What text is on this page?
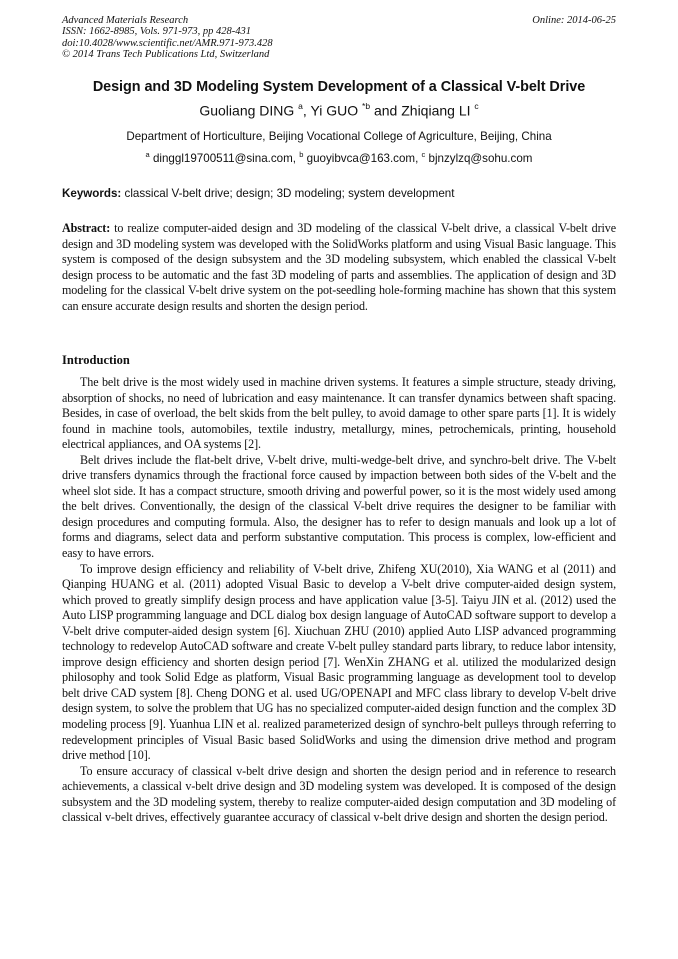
Advanced Materials Research
ISSN: 1662-8985, Vols. 971-973, pp 428-431
doi:10.4028/www.scientific.net/AMR.971-973.428
© 2014 Trans Tech Publications Ltd, Switzerland
Online: 2014-06-25
Design and 3D Modeling System Development of a Classical V-belt Drive
Guoliang DING $^a$, Yi GUO $^{*b}$ and Zhiqiang LI $^c$
Department of Horticulture, Beijing Vocational College of Agriculture, Beijing, China
$^a$ dinggl19700511@sina.com, $^b$ guoyibvca@163.com, $^c$ bjnzylzq@sohu.com
Keywords: classical V-belt drive; design; 3D modeling; system development
Abstract: to realize computer-aided design and 3D modeling of the classical V-belt drive, a classical V-belt drive design and 3D modeling system was developed with the SolidWorks platform and using Visual Basic language. This system is composed of the design subsystem and the 3D modeling subsystem, which enabled the classical V-belt design process to be automatic and the fast 3D modeling of parts and assemblies. The application of design and 3D modeling for the classical V-belt drive system on the pot-seedling hole-forming machine has shown that this system can ensure accurate design results and shorten the design period.
Introduction

The belt drive is the most widely used in machine driven systems. It features a simple structure, steady driving, absorption of shocks, no need of lubrication and easy maintenance. It can transfer dynamics between shaft spacing. Besides, in case of overload, the belt skids from the belt pulley, to avoid damage to other spare parts [1]. It is widely found in machine tools, automobiles, textile industry, metallurgy, mines, petrochemicals, printing, household electrical appliances, and OA systems [2].

Belt drives include the flat-belt drive, V-belt drive, multi-wedge-belt drive, and synchro-belt drive. The V-belt drive transfers dynamics through the fractional force caused by impaction between both sides of the V-belt and the wheel slot side. It has a compact structure, smooth driving and powerful power, so it is the most widely used among the belt drives. Conventionally, the design of the classical V-belt drive requires the designer to be familiar with design procedures and computing formula. Also, the designer has to refer to design manuals and look up a lot of forms and diagrams, select data and perform substantive computation. This process is complex, low-efficient and easy to have errors.

To improve design efficiency and reliability of V-belt drive, Zhifeng XU(2010), Xia WANG et al (2011) and Qianping HUANG et al. (2011) adopted Visual Basic to develop a V-belt drive computer-aided design system, which proved to greatly simplify design process and have application value [3-5]. Taiyu JIN et al. (2012) used the Auto LISP programming language and DCL dialog box design language of AutoCAD software support to develop a V-belt drive computer-aided design system [6]. Xiuchuan ZHU (2010) applied Auto LISP advanced programming technology to redevelop AutoCAD software and create V-belt pulley standard parts library, to reduce labor intensity, improve design efficiency and shorten design period [7]. WenXin ZHANG et al. utilized the modularized design philosophy and took Solid Edge as platform, Visual Basic programming language as development tool to develop belt drive CAD system [8]. Cheng DONG et al. used UG/OPENAPI and MFC class library to develop V-belt drive design system, to solve the problem that UG has no specialized computer-aided design function and the complex 3D modeling process [9]. Yuanhua LIN et al. realized parameterized design of synchro-belt pulleys through referring to redevelopment principles of Visual Basic based SolidWorks and using the dimension drive method and program drive method [10].

To ensure accuracy of classical v-belt drive design and shorten the design period and in reference to research achievements, a classical v-belt drive design and 3D modeling system was developed. It is composed of the design subsystem and the 3D modeling system, thereby to realize computer-aided design computation and 3D modeling of classical v-belt drives, effectively guarantee accuracy of classical v-belt drive design and shorten the design period.
